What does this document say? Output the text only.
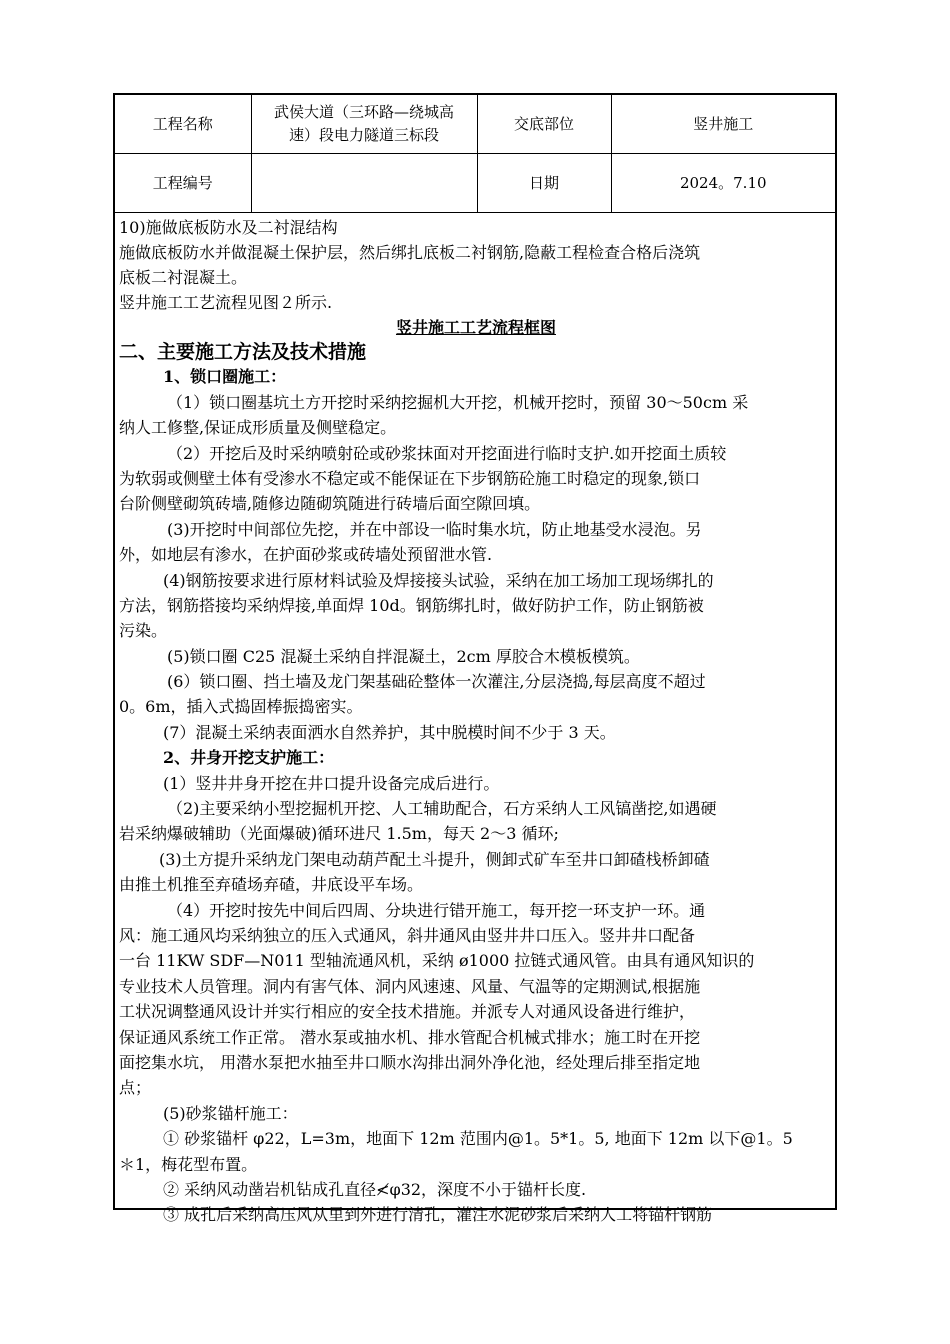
工程名称	武侯大道（三环路—绕城高
速）段电力隧道三标段	交底部位	竖井施工
工程编号		日期	2024。7.10
10)施做底板防水及二衬混结构
施做底板防水并做混凝土保护层，然后绑扎底板二衬钢筋,隐蔽工程检查合格后浇筑
底板二衬混凝土。
竖井施工工艺流程见图２所示.
竖井施工工艺流程框图
二、主要施工方法及技术措施
1、锁口圈施工：
（1）锁口圈基坑土方开挖时采纳挖掘机大开挖，机械开挖时，预留 30～50cm 采
纳人工修整,保证成形质量及侧壁稳定。
（2）开挖后及时采纳喷射砼或砂浆抹面对开挖面进行临时支护.如开挖面土质较
为软弱或侧壁土体有受渗水不稳定或不能保证在下步钢筋砼施工时稳定的现象,锁口
台阶侧壁砌筑砖墙,随修边随砌筑随进行砖墙后面空隙回填。
(3)开挖时中间部位先挖，并在中部设一临时集水坑，防止地基受水浸泡。另
外，如地层有渗水，在护面砂浆或砖墙处预留泄水管.
(4)钢筋按要求进行原材料试验及焊接接头试验，采纳在加工场加工现场绑扎的
方法，钢筋搭接均采纳焊接,单面焊 10d。钢筋绑扎时，做好防护工作，防止钢筋被
污染。
(5)锁口圈 C25 混凝土采纳自拌混凝土，2cm 厚胶合木模板模筑。
(6）锁口圈、挡土墙及龙门架基础砼整体一次灌注,分层浇捣,每层高度不超过
0。6m，插入式捣固棒振捣密实。
(7）混凝土采纳表面洒水自然养护，其中脱模时间不少于 3 天。
2、井身开挖支护施工：
(1）竖井井身开挖在井口提升设备完成后进行。
（2)主要采纳小型挖掘机开挖、人工辅助配合，石方采纳人工风镐凿挖,如遇硬
岩采纳爆破辅助（光面爆破)循环进尺 1.5m，每天 2～3 循环;
(3)土方提升采纳龙门架电动葫芦配土斗提升，侧卸式矿车至井口卸碴栈桥卸碴
由推土机推至弃碴场弃碴，井底设平车场。
（4）开挖时按先中间后四周、分块进行错开施工，每开挖一环支护一环。通
风：施工通风均采纳独立的压入式通风，斜井通风由竖井井口压入。竖井井口配备
一台 11KW SDF—N011 型轴流通风机，采纳 ø1000 拉链式通风管。由具有通风知识的
专业技术人员管理。洞内有害气体、洞内风速速、风量、气温等的定期测试,根据施
工状况调整通风设计并实行相应的安全技术措施。并派专人对通风设备进行维护，
保证通风系统工作正常。 潜水泵或抽水机、排水管配合机械式排水；施工时在开挖
面挖集水坑， 用潜水泵把水抽至井口顺水沟排出洞外净化池，经处理后排至指定地
点；
(5)砂浆锚杆施工：
① 砂浆锚杆 φ22，L=3m，地面下 12m 范围内@1。5*1。5, 地面下 12m 以下@1。5
＊1，梅花型布置。
② 采纳风动凿岩机钻成孔直径≮φ32，深度不小于锚杆长度.
③ 成孔后采纳高压风从里到外进行清孔，灌注水泥砂浆后采纳人工将锚杆钢筋
